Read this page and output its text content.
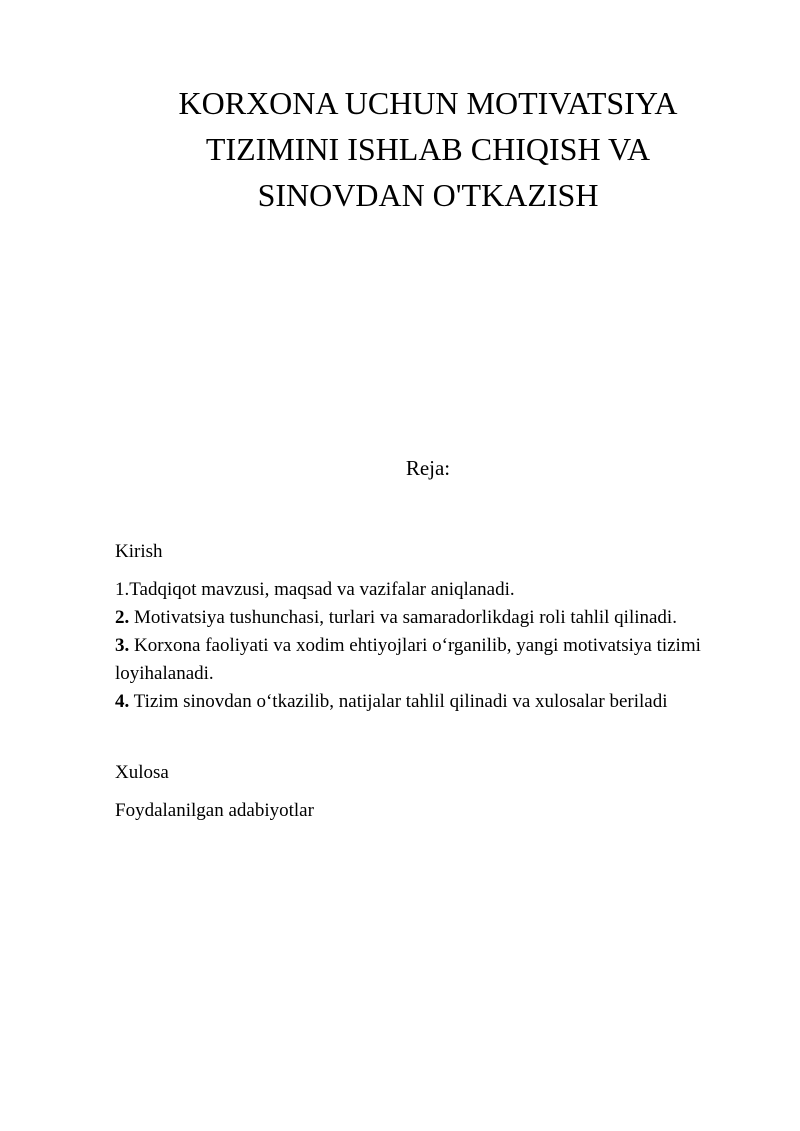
KORXONA UCHUN MOTIVATSIYA
TIZIMINI ISHLAB CHIQISH VA
SINOVDAN O'TKAZISH
Reja:

Kirish

1.Tadqiqot mavzusi, maqsad va vazifalar aniqlanadi.
2. Motivatsiya tushunchasi, turlari va samaradorlikdagi roli tahlil qilinadi.
3. Korxona faoliyati va xodim ehtiyojlari o‘rganilib, yangi motivatsiya tizimi loyihalanadi.
4. Tizim sinovdan o‘tkazilib, natijalar tahlil qilinadi va xulosalar beriladi

Xulosa

Foydalanilgan adabiyotlar
